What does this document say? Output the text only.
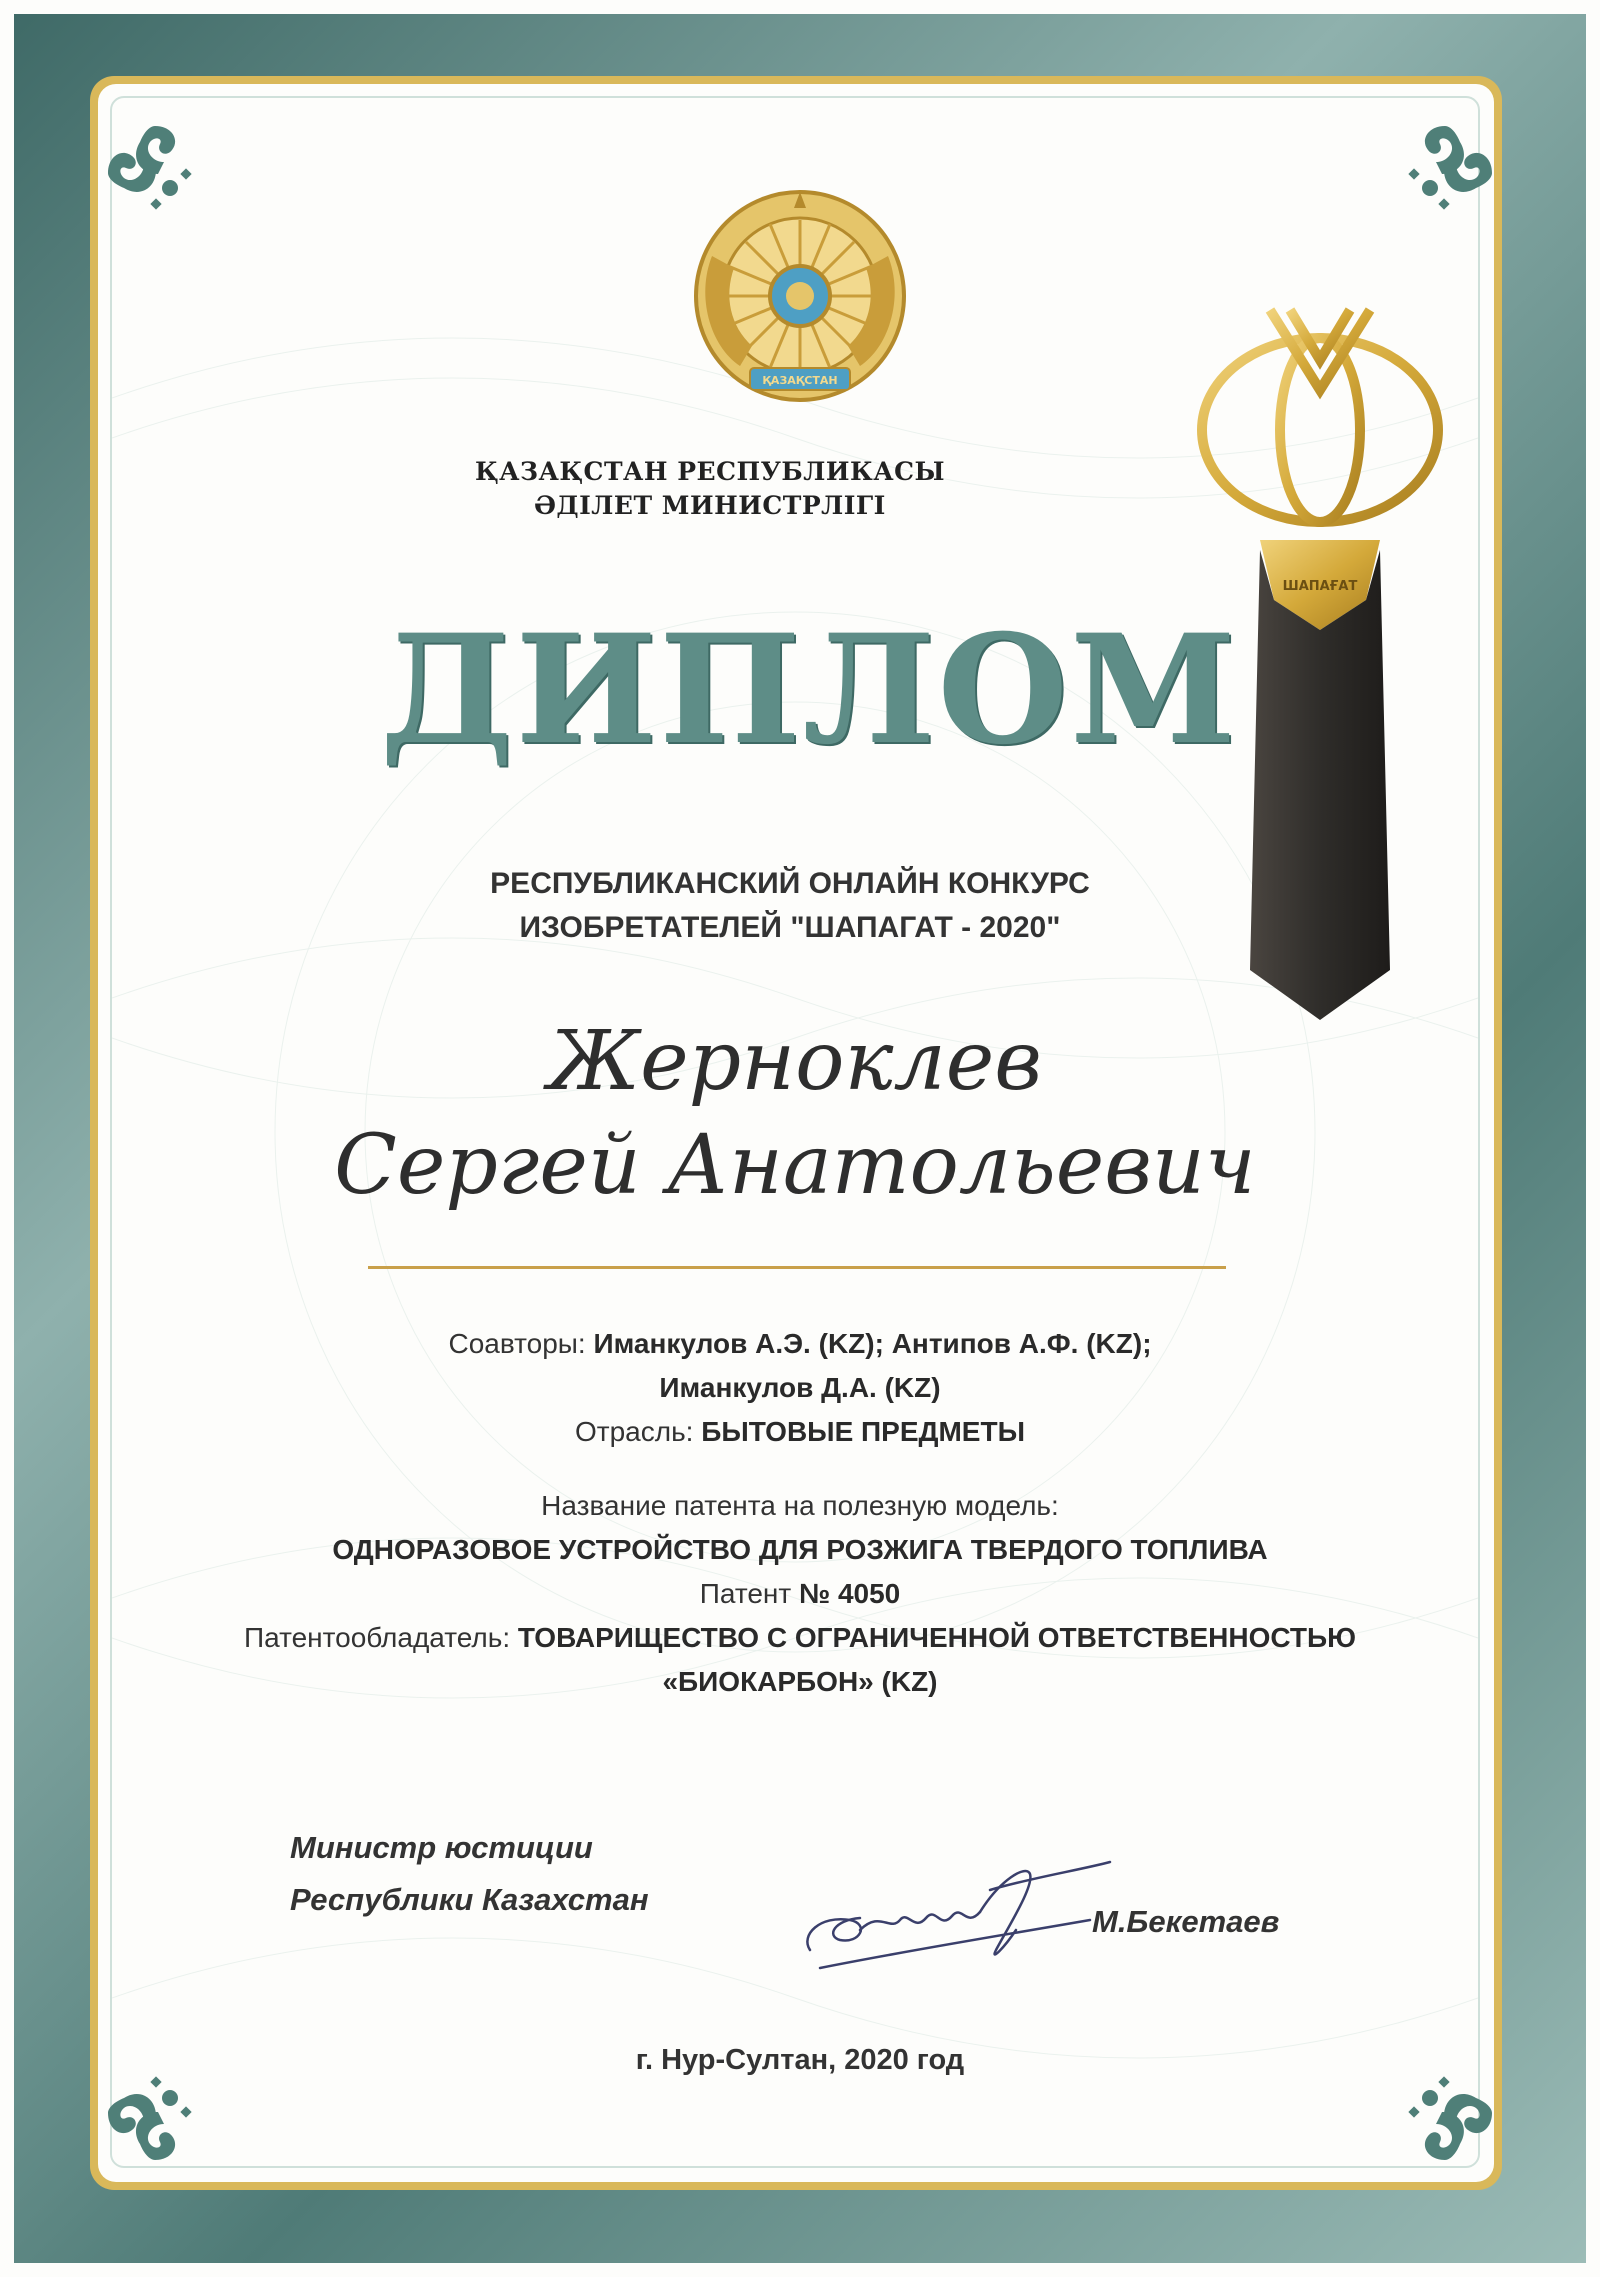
ҚАЗАҚСТАН
ШАПАҒАТ
ҚАЗАҚСТАН РЕСПУБЛИКАСЫ
ӘДІЛЕТ МИНИСТРЛІГІ
ДИПЛОМ
РЕСПУБЛИКАНСКИЙ ОНЛАЙН КОНКУРС
ИЗОБРЕТАТЕЛЕЙ "ШАПАГАТ - 2020"
Жерноклев
Сергей Анатольевич
Соавторы: Иманкулов А.Э. (KZ); Антипов А.Ф. (KZ);
Иманкулов Д.А. (KZ)
Отрасль: БЫТОВЫЕ ПРЕДМЕТЫ
Название патента на полезную модель:
ОДНОРАЗОВОЕ УСТРОЙСТВО ДЛЯ РОЗЖИГА ТВЕРДОГО ТОПЛИВА
Патент № 4050
Патентообладатель: ТОВАРИЩЕСТВО С ОГРАНИЧЕННОЙ ОТВЕТСТВЕННОСТЬЮ
«БИОКАРБОН» (KZ)
Министр юстиции
Республики Казахстан
М.Бекетаев
г. Нур-Султан, 2020 год
